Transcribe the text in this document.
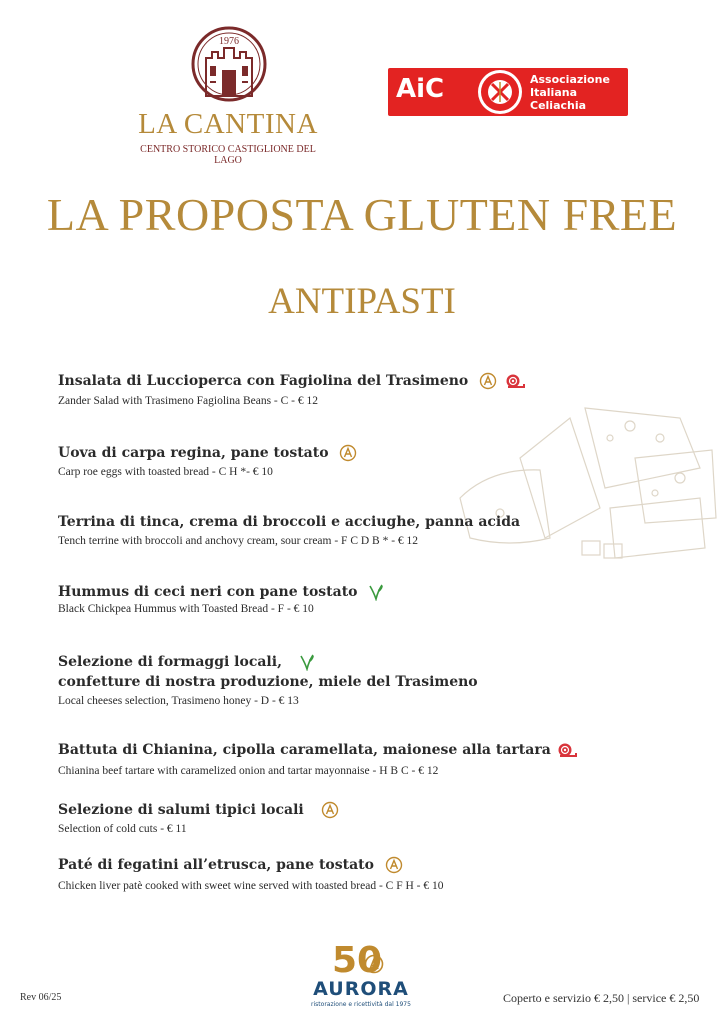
1976
LA CANTINA
CENTRO STORICO CASTIGLIONE DEL LAGO
AiC	Associazione
Italiana
Celiachia
LA PROPOSTA GLUTEN FREE
ANTIPASTI
Insalata di Luccioperca con Fagiolina del Trasimeno
Zander Salad with Trasimeno Fagiolina Beans - C - € 12
Uova di carpa regina, pane tostato
Carp roe eggs with toasted bread - C H *- € 10
Terrina di tinca, crema di broccoli e acciughe, panna acida
Tench terrine with broccoli and anchovy cream, sour cream - F C D B * - € 12
Hummus di ceci neri con pane tostato
Black Chickpea Hummus with Toasted Bread - F - € 10
Selezione di formaggi locali,
confetture di nostra produzione, miele del Trasimeno
Local cheeses selection, Trasimeno honey - D - € 13
Battuta di Chianina, cipolla caramellata, maionese alla tartara
Chianina beef tartare with caramelized onion and tartar mayonnaise - H B C - € 12
Selezione di salumi tipici locali
Selection of cold cuts - € 11
Paté di fegatini all’etrusca, pane tostato
Chicken liver patè cooked with sweet wine served with toasted bread - C F H - € 10
Rev 06/25
50
AURORA
ristorazione e ricettività dal 1975	Coperto e servizio € 2,50 | service € 2,50
